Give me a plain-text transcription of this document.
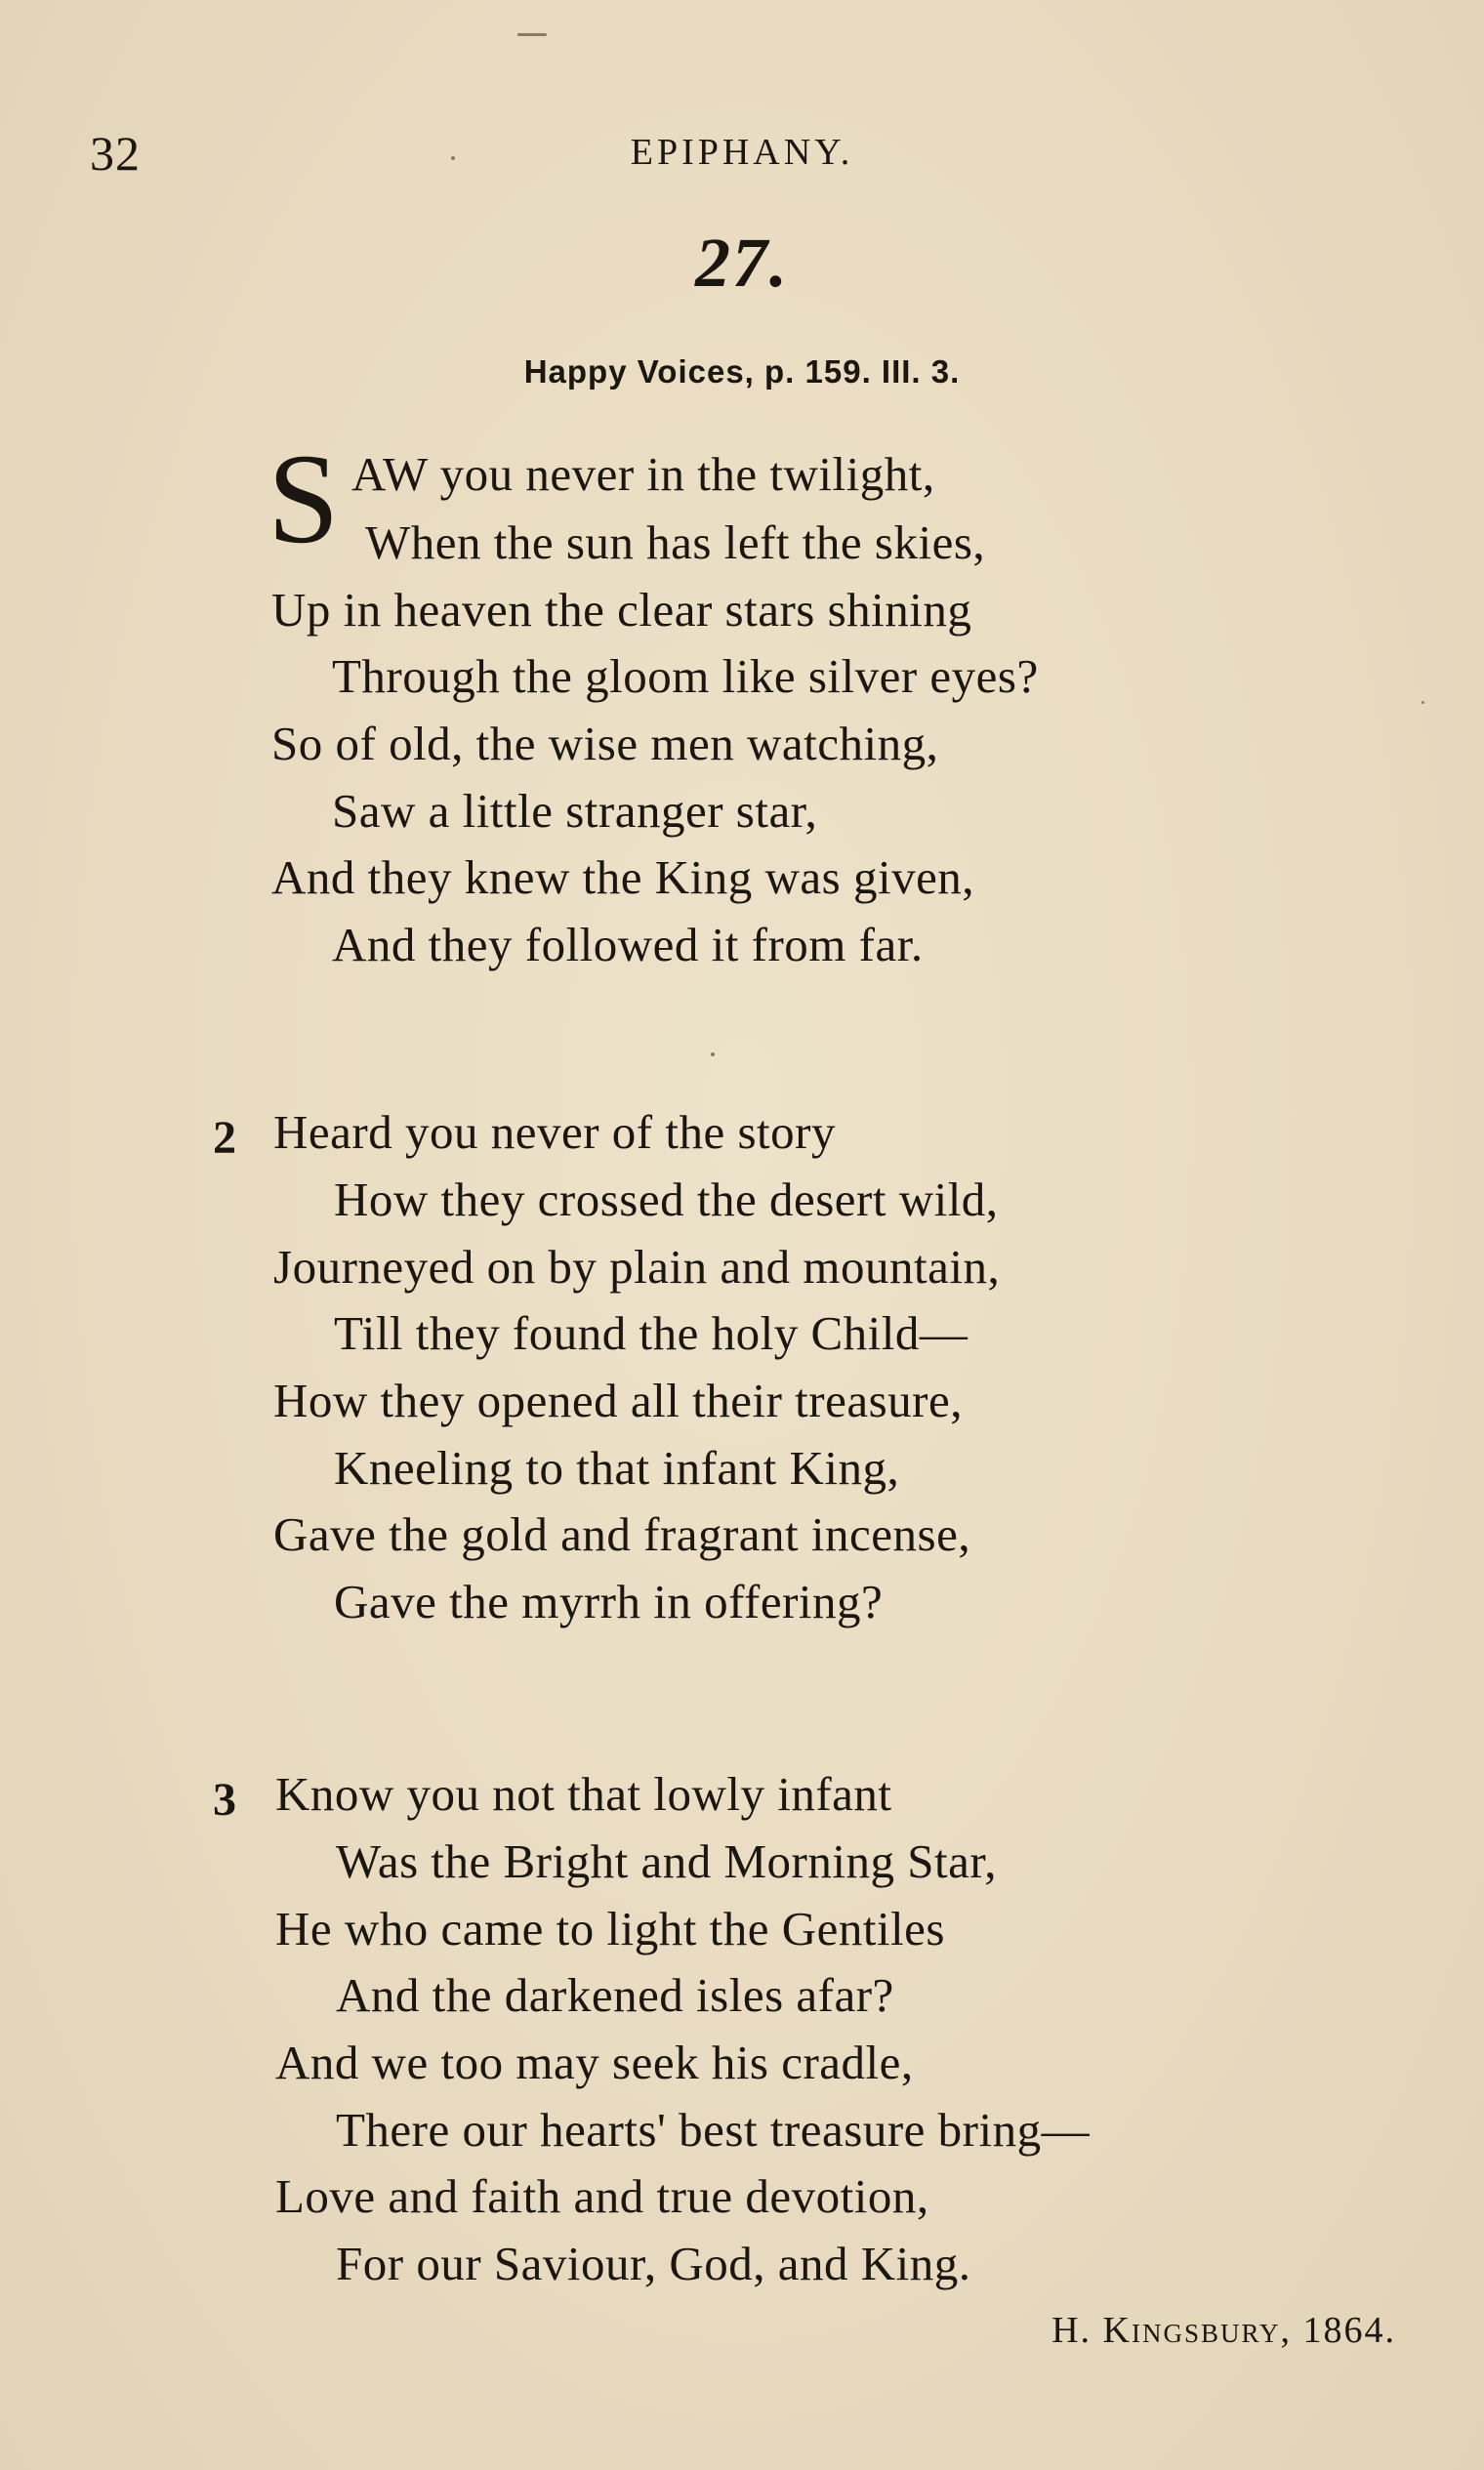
32	EPIPHANY.
27.
Happy Voices, p. 159. III. 3.
S AW you never in the twilight,
When the sun has left the skies,
Up in heaven the clear stars shining
Through the gloom like silver eyes?
So of old, the wise men watching,
Saw a little stranger star,
And they knew the King was given,
And they followed it from far.
2 Heard you never of the story
How they crossed the desert wild,
Journeyed on by plain and mountain,
Till they found the holy Child—
How they opened all their treasure,
Kneeling to that infant King,
Gave the gold and fragrant incense,
Gave the myrrh in offering?
3 Know you not that lowly infant
Was the Bright and Morning Star,
He who came to light the Gentiles
And the darkened isles afar?
And we too may seek his cradle,
There our hearts' best treasure bring—
Love and faith and true devotion,
For our Saviour, God, and King.
H. Kingsbury, 1864.
